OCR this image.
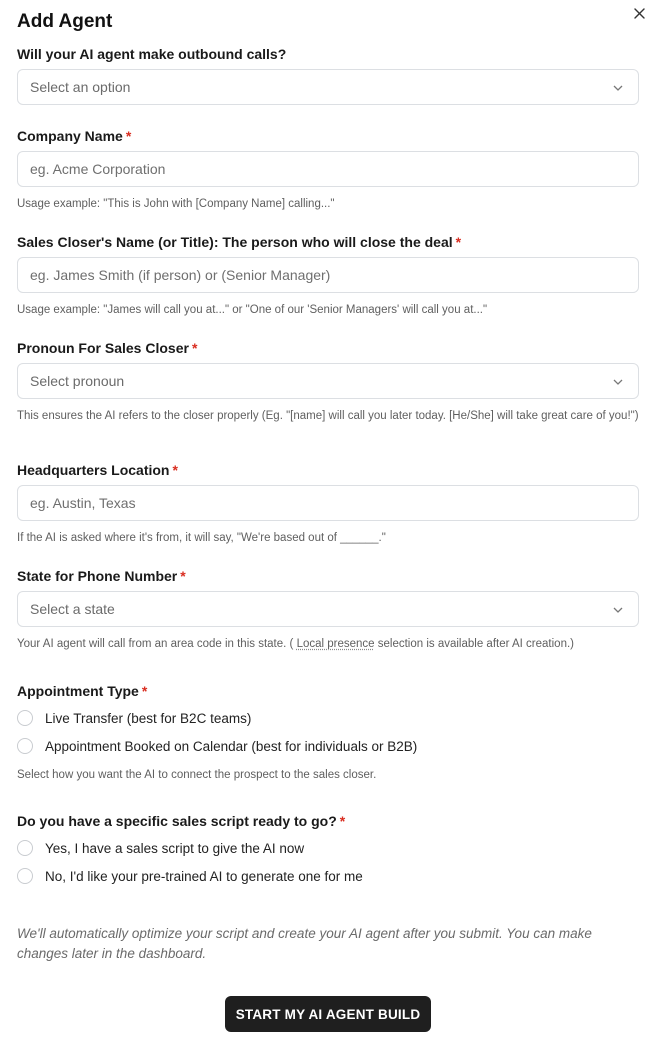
Add Agent
Will your AI agent make outbound calls?
Select an option
Company Name *
eg. Acme Corporation
Usage example: "This is John with [Company Name] calling..."
Sales Closer's Name (or Title): The person who will close the deal *
eg. James Smith (if person) or (Senior Manager)
Usage example: "James will call you at..." or "One of our 'Senior Managers' will call you at..."
Pronoun For Sales Closer *
Select pronoun
This ensures the AI refers to the closer properly (Eg. "[name] will call you later today. [He/She] will take great care of you!")
Headquarters Location *
eg. Austin, Texas
If the AI is asked where it's from, it will say, "We're based out of ______."
State for Phone Number *
Select a state
Your AI agent will call from an area code in this state. ( Local presence selection is available after AI creation.)
Appointment Type *
Live Transfer (best for B2C teams)
Appointment Booked on Calendar (best for individuals or B2B)
Select how you want the AI to connect the prospect to the sales closer.
Do you have a specific sales script ready to go? *
Yes, I have a sales script to give the AI now
No, I'd like your pre-trained AI to generate one for me
We'll automatically optimize your script and create your AI agent after you submit. You can make changes later in the dashboard.
START MY AI AGENT BUILD
